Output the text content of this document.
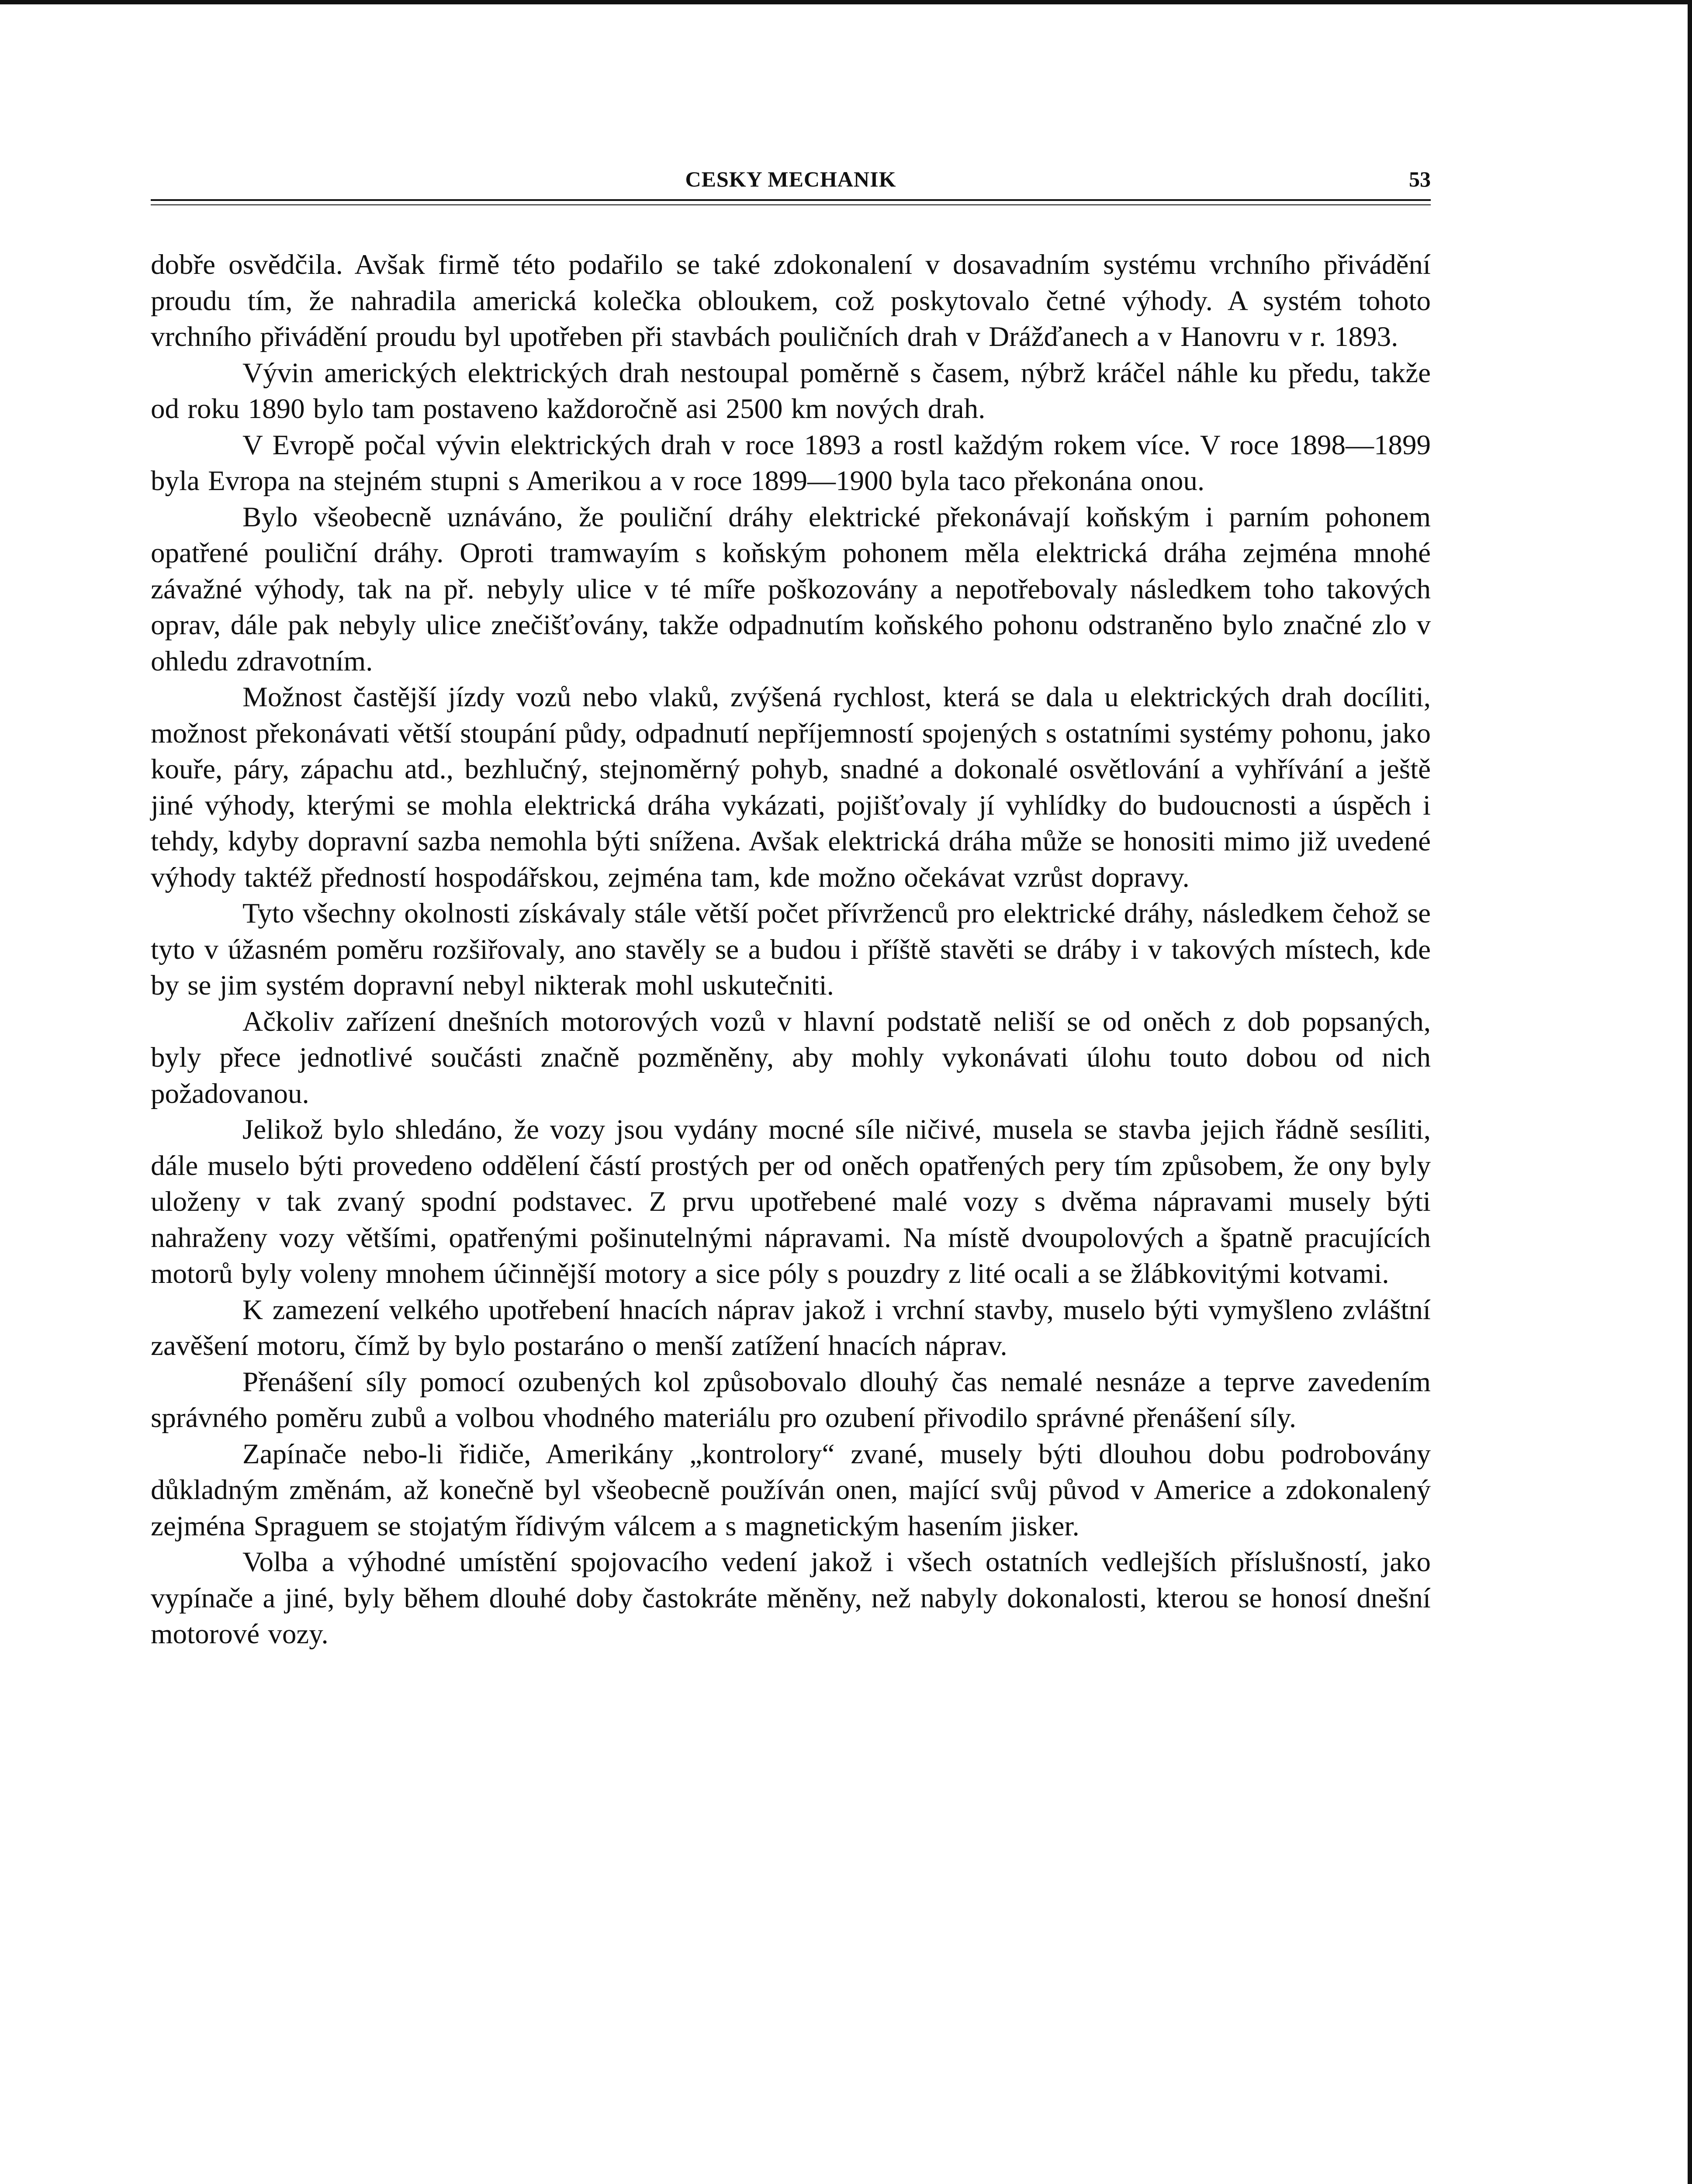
CESKY MECHANIK	53

dobře osvědčila. Avšak firmě této podařilo se také zdokonalení v dosavadním systému vrchního přivádění proudu tím, že nahradila americká kolečka obloukem, což poskytovalo četné výhody. A systém tohoto vrchního přivádění proudu byl upotřeben při stavbách pouličních drah v Drážďanech a v Hanovru v r. 1893.

Vývin amerických elektrických drah nestoupal poměrně s časem, nýbrž kráčel náhle ku předu, takže od roku 1890 bylo tam postaveno každoročně asi 2500 km nových drah.

V Evropě počal vývin elektrických drah v roce 1893 a rostl každým rokem více. V roce 1898—1899 byla Evropa na stejném stupni s Amerikou a v roce 1899—1900 byla taco překonána onou.

Bylo všeobecně uznáváno, že pouliční dráhy elektrické překonávají koňským i parním pohonem opatřené pouliční dráhy. Oproti tramwayím s koňským pohonem měla elektrická dráha zejména mnohé závažné výhody, tak na př. nebyly ulice v té míře poškozovány a nepotřebovaly následkem toho takových oprav, dále pak nebyly ulice znečišťovány, takže odpadnutím koňského pohonu odstraněno bylo značné zlo v ohledu zdravotním.

Možnost častější jízdy vozů nebo vlaků, zvýšená rychlost, která se dala u elektrických drah docíliti, možnost překonávati větší stoupání půdy, odpadnutí nepříjemností spojených s ostatními systémy pohonu, jako kouře, páry, zápachu atd., bezhlučný, stejnoměrný pohyb, snadné a dokonalé osvětlování a vyhřívání a ještě jiné výhody, kterými se mohla elektrická dráha vykázati, pojišťovaly jí vyhlídky do budoucnosti a úspěch i tehdy, kdyby dopravní sazba nemohla býti snížena. Avšak elektrická dráha může se honositi mimo již uvedené výhody taktéž předností hospodářskou, zejména tam, kde možno očekávat vzrůst dopravy.

Tyto všechny okolnosti získávaly stále větší počet přívrženců pro elektrické dráhy, následkem čehož se tyto v úžasném poměru rozšiřovaly, ano stavěly se a budou i příště stavěti se dráby i v takových místech, kde by se jim systém dopravní nebyl nikterak mohl uskutečniti.

Ačkoliv zařízení dnešních motorových vozů v hlavní podstatě neliší se od oněch z dob popsaných, byly přece jednotlivé součásti značně pozměněny, aby mohly vykonávati úlohu touto dobou od nich požadovanou.

Jelikož bylo shledáno, že vozy jsou vydány mocné síle ničivé, musela se stavba jejich řádně sesíliti, dále muselo býti provedeno oddělení částí prostých per od oněch opatřených pery tím způsobem, že ony byly uloženy v tak zvaný spodní podstavec. Z prvu upotřebené malé vozy s dvěma nápravami musely býti nahraženy vozy většími, opatřenými pošinutelnými nápravami. Na místě dvoupolových a špatně pracujících motorů byly voleny mnohem účinnější motory a sice póly s pouzdry z lité ocali a se žlábkovitými kotvami.

K zamezení velkého upotřebení hnacích náprav jakož i vrchní stavby, muselo býti vymyšleno zvláštní zavěšení motoru, čímž by bylo postaráno o menší zatížení hnacích náprav.

Přenášení síly pomocí ozubených kol způsobovalo dlouhý čas nemalé nesnáze a teprve zavedením správného poměru zubů a volbou vhodného materiálu pro ozubení přivodilo správné přenášení síly.

Zapínače nebo-li řidiče, Amerikány „kontrolory“ zvané, musely býti dlouhou dobu podrobovány důkladným změnám, až konečně byl všeobecně používán onen, mající svůj původ v Americe a zdokonalený zejména Spraguem se stojatým řídivým válcem a s magnetickým hasením jisker.

Volba a výhodné umístění spojovacího vedení jakož i všech ostatních vedlejších příslušností, jako vypínače a jiné, byly během dlouhé doby častokráte měněny, než nabyly dokonalosti, kterou se honosí dnešní motorové vozy.
